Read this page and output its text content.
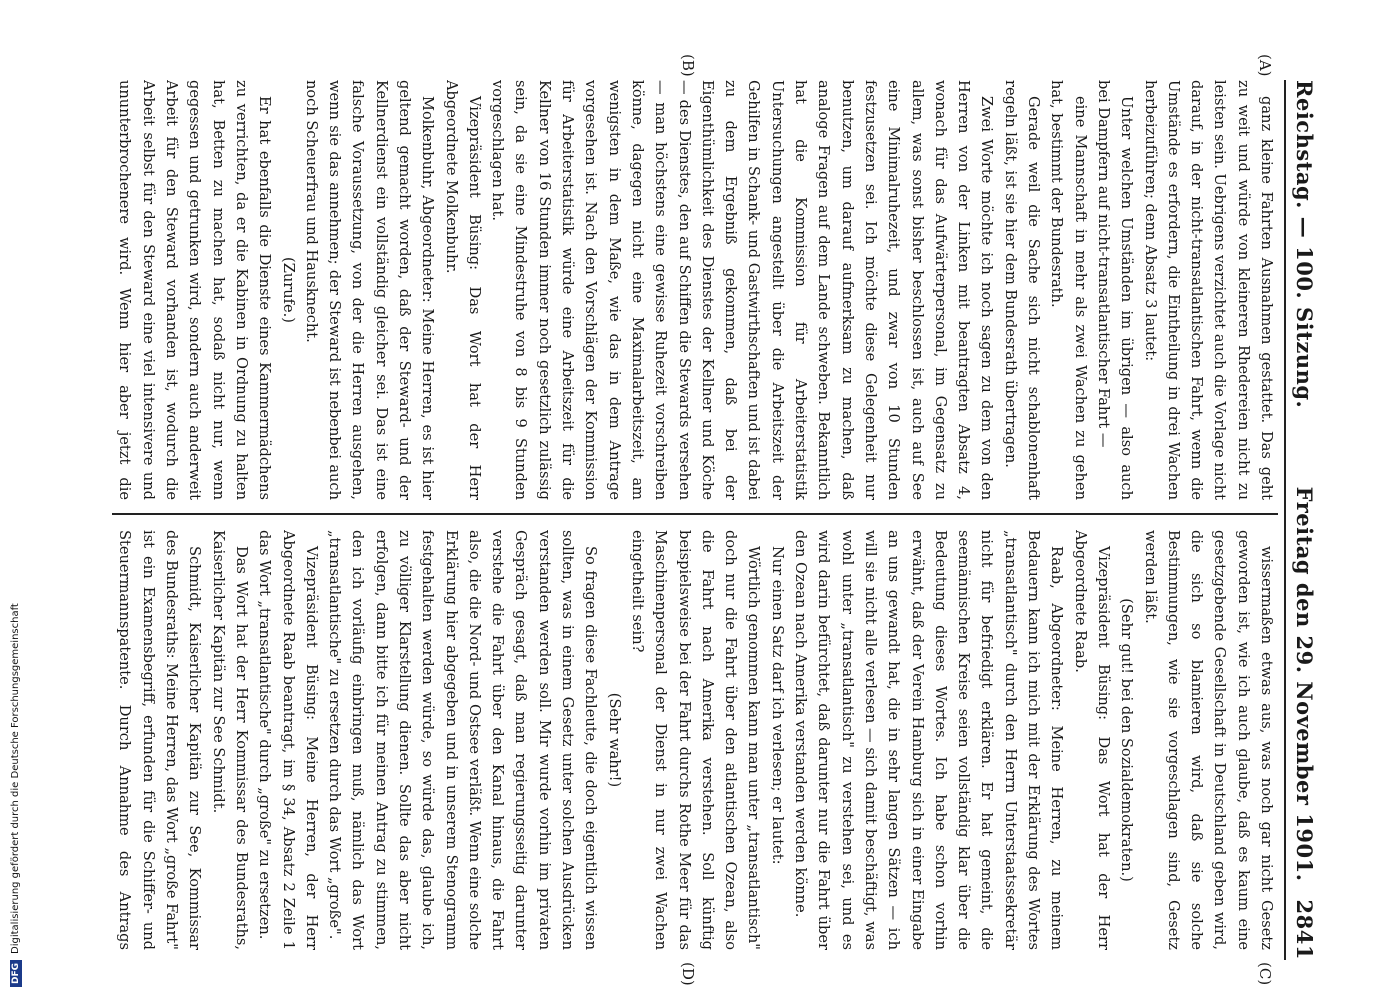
Reichstag. — 100. Sitzung.
Freitag den 29. November 1901.
2841
(A)
(B)
(C)
(D)

ganz kleine Fahrten Ausnahmen gestattet. Das geht zu weit und würde von kleineren Rhedereien nicht zu leisten sein. Uebrigens verzichtet auch die Vorlage nicht darauf, in der nicht-transatlantischen Fahrt, wenn die Umstände es erfordern, die Eintheilung in drei Wachen herbeizuführen; denn Absatz 3 lautet:

Unter welchen Umständen im übrigen — also auch bei Dampfern auf nicht-transatlantischer Fahrt —

eine Mannschaft in mehr als zwei Wachen zu gehen hat, bestimmt der Bundesrath.

Gerade weil die Sache sich nicht schablonenhaft regeln läßt, ist sie hier dem Bundesrath übertragen.

Zwei Worte möchte ich noch sagen zu dem von den Herren von der Linken mit beantragten Absatz 4, wonach für das Aufwärterpersonal, im Gegensatz zu allem, was sonst bisher beschlossen ist, auch auf See eine Minimalruhezeit, und zwar von 10 Stunden festzusetzen sei. Ich möchte diese Gelegenheit nur benutzen, um darauf aufmerksam zu machen, daß analoge Fragen auf dem Lande schweben. Bekanntlich hat die Kommission für Arbeiterstatistik Untersuchungen angestellt über die Arbeitszeit der Gehilfen in Schank- und Gastwirthschaften und ist dabei zu dem Ergebniß gekommen, daß bei der Eigenthümlichkeit des Dienstes der Kellner und Köche — des Dienstes, den auf Schiffen die Stewards versehen — man höchstens eine gewisse Ruhezeit vorschreiben könne, dagegen nicht eine Maximalarbeitszeit, am wenigsten in dem Maße, wie das in dem Antrage vorgesehen ist. Nach den Vorschlägen der Kommission für Arbeiterstatistik würde eine Arbeitszeit für die Kellner von 16 Stunden immer noch gesetzlich zulässig sein, da sie eine Mindestruhe von 8 bis 9 Stunden vorgeschlagen hat.

Vizepräsident Büsing: Das Wort hat der Herr Abgeordnete Molkenbuhr.

Molkenbuhr, Abgeordneter: Meine Herren, es ist hier geltend gemacht worden, daß der Steward- und der Kellnerdienst ein vollständig gleicher sei. Das ist eine falsche Voraussetzung, von der die Herren ausgehen, wenn sie das annehmen; der Steward ist nebenbei auch noch Scheuerfrau und Hausknecht.

(Zurufe.)

Er hat ebenfalls die Dienste eines Kammermädchens zu verrichten, da er die Kabinen in Ordnung zu halten hat, Betten zu machen hat, sodaß nicht nur, wenn gegessen und getrunken wird, sondern auch anderweit Arbeit für den Steward vorhanden ist, wodurch die Arbeit selbst für den Steward eine viel intensivere und ununterbrochenere wird. Wenn hier aber jetzt die

wissermaßen etwas aus, was noch gar nicht Gesetz geworden ist, wie ich auch glaube, daß es kaum eine gesetzgebende Gesellschaft in Deutschland geben wird, die sich so blamieren wird, daß sie solche Bestimmungen, wie sie vorgeschlagen sind, Gesetz werden läßt.

(Sehr gut! bei den Sozialdemokraten.)

Vizepräsident Büsing: Das Wort hat der Herr Abgeordnete Raab.

Raab, Abgeordneter: Meine Herren, zu meinem Bedauern kann ich mich mit der Erklärung des Wortes „transatlantisch" durch den Herrn Unterstaatssekretär nicht für befriedigt erklären. Er hat gemeint, die seemännischen Kreise seien vollständig klar über die Bedeutung dieses Wortes. Ich habe schon vorhin erwähnt, daß der Verein Hamburg sich in einer Eingabe an uns gewandt hat, die in sehr langen Sätzen — ich will sie nicht alle verlesen — sich damit beschäftigt, was wohl unter „transatlantisch" zu verstehen sei, und es wird darin befürchtet, daß darunter nur die Fahrt über den Ozean nach Amerika verstanden werden könne.

Nur einen Satz darf ich verlesen; er lautet:

Wörtlich genommen kann man unter „transatlantisch" doch nur die Fahrt über den atlantischen Ozean, also die Fahrt nach Amerika verstehen. Soll künftig beispielsweise bei der Fahrt durchs Rothe Meer für das Maschinenpersonal der Dienst in nur zwei Wachen eingetheilt sein?

(Sehr wahr!)

So fragen diese Fachleute, die doch eigentlich wissen sollten, was in einem Gesetz unter solchen Ausdrücken verstanden werden soll. Mir wurde vorhin im privaten Gespräch gesagt, daß man regierungsseitig darunter verstehe die Fahrt über den Kanal hinaus, die Fahrt also, die die Nord- und Ostsee verläßt. Wenn eine solche Erklärung hier abgegeben und in unserem Stenogramm festgehalten werden würde, so würde das, glaube ich, zu völliger Klarstellung dienen. Sollte das aber nicht erfolgen, dann bitte ich für meinen Antrag zu stimmen, den ich vorläufig einbringen muß, nämlich das Wort „transatlantische" zu ersetzen durch das Wort „große".

Vizepräsident Büsing: Meine Herren, der Herr Abgeordnete Raab beantragt, im § 34, Absatz 2 Zeile 1 das Wort „transatlantische" durch „große" zu ersetzen.

Das Wort hat der Herr Kommissar des Bundesraths, Kaiserlicher Kapitän zur See Schmidt.

Schmidt, Kaiserlicher Kapitän zur See, Kommissar des Bundesraths: Meine Herren, das Wort „große Fahrt" ist ein Examensbegriff, erfunden für die Schiffer- und Steuermannspatente. Durch Annahme des Antrags

DFG
Digitalisierung gefördert durch die Deutsche Forschungsgemeinschaft
